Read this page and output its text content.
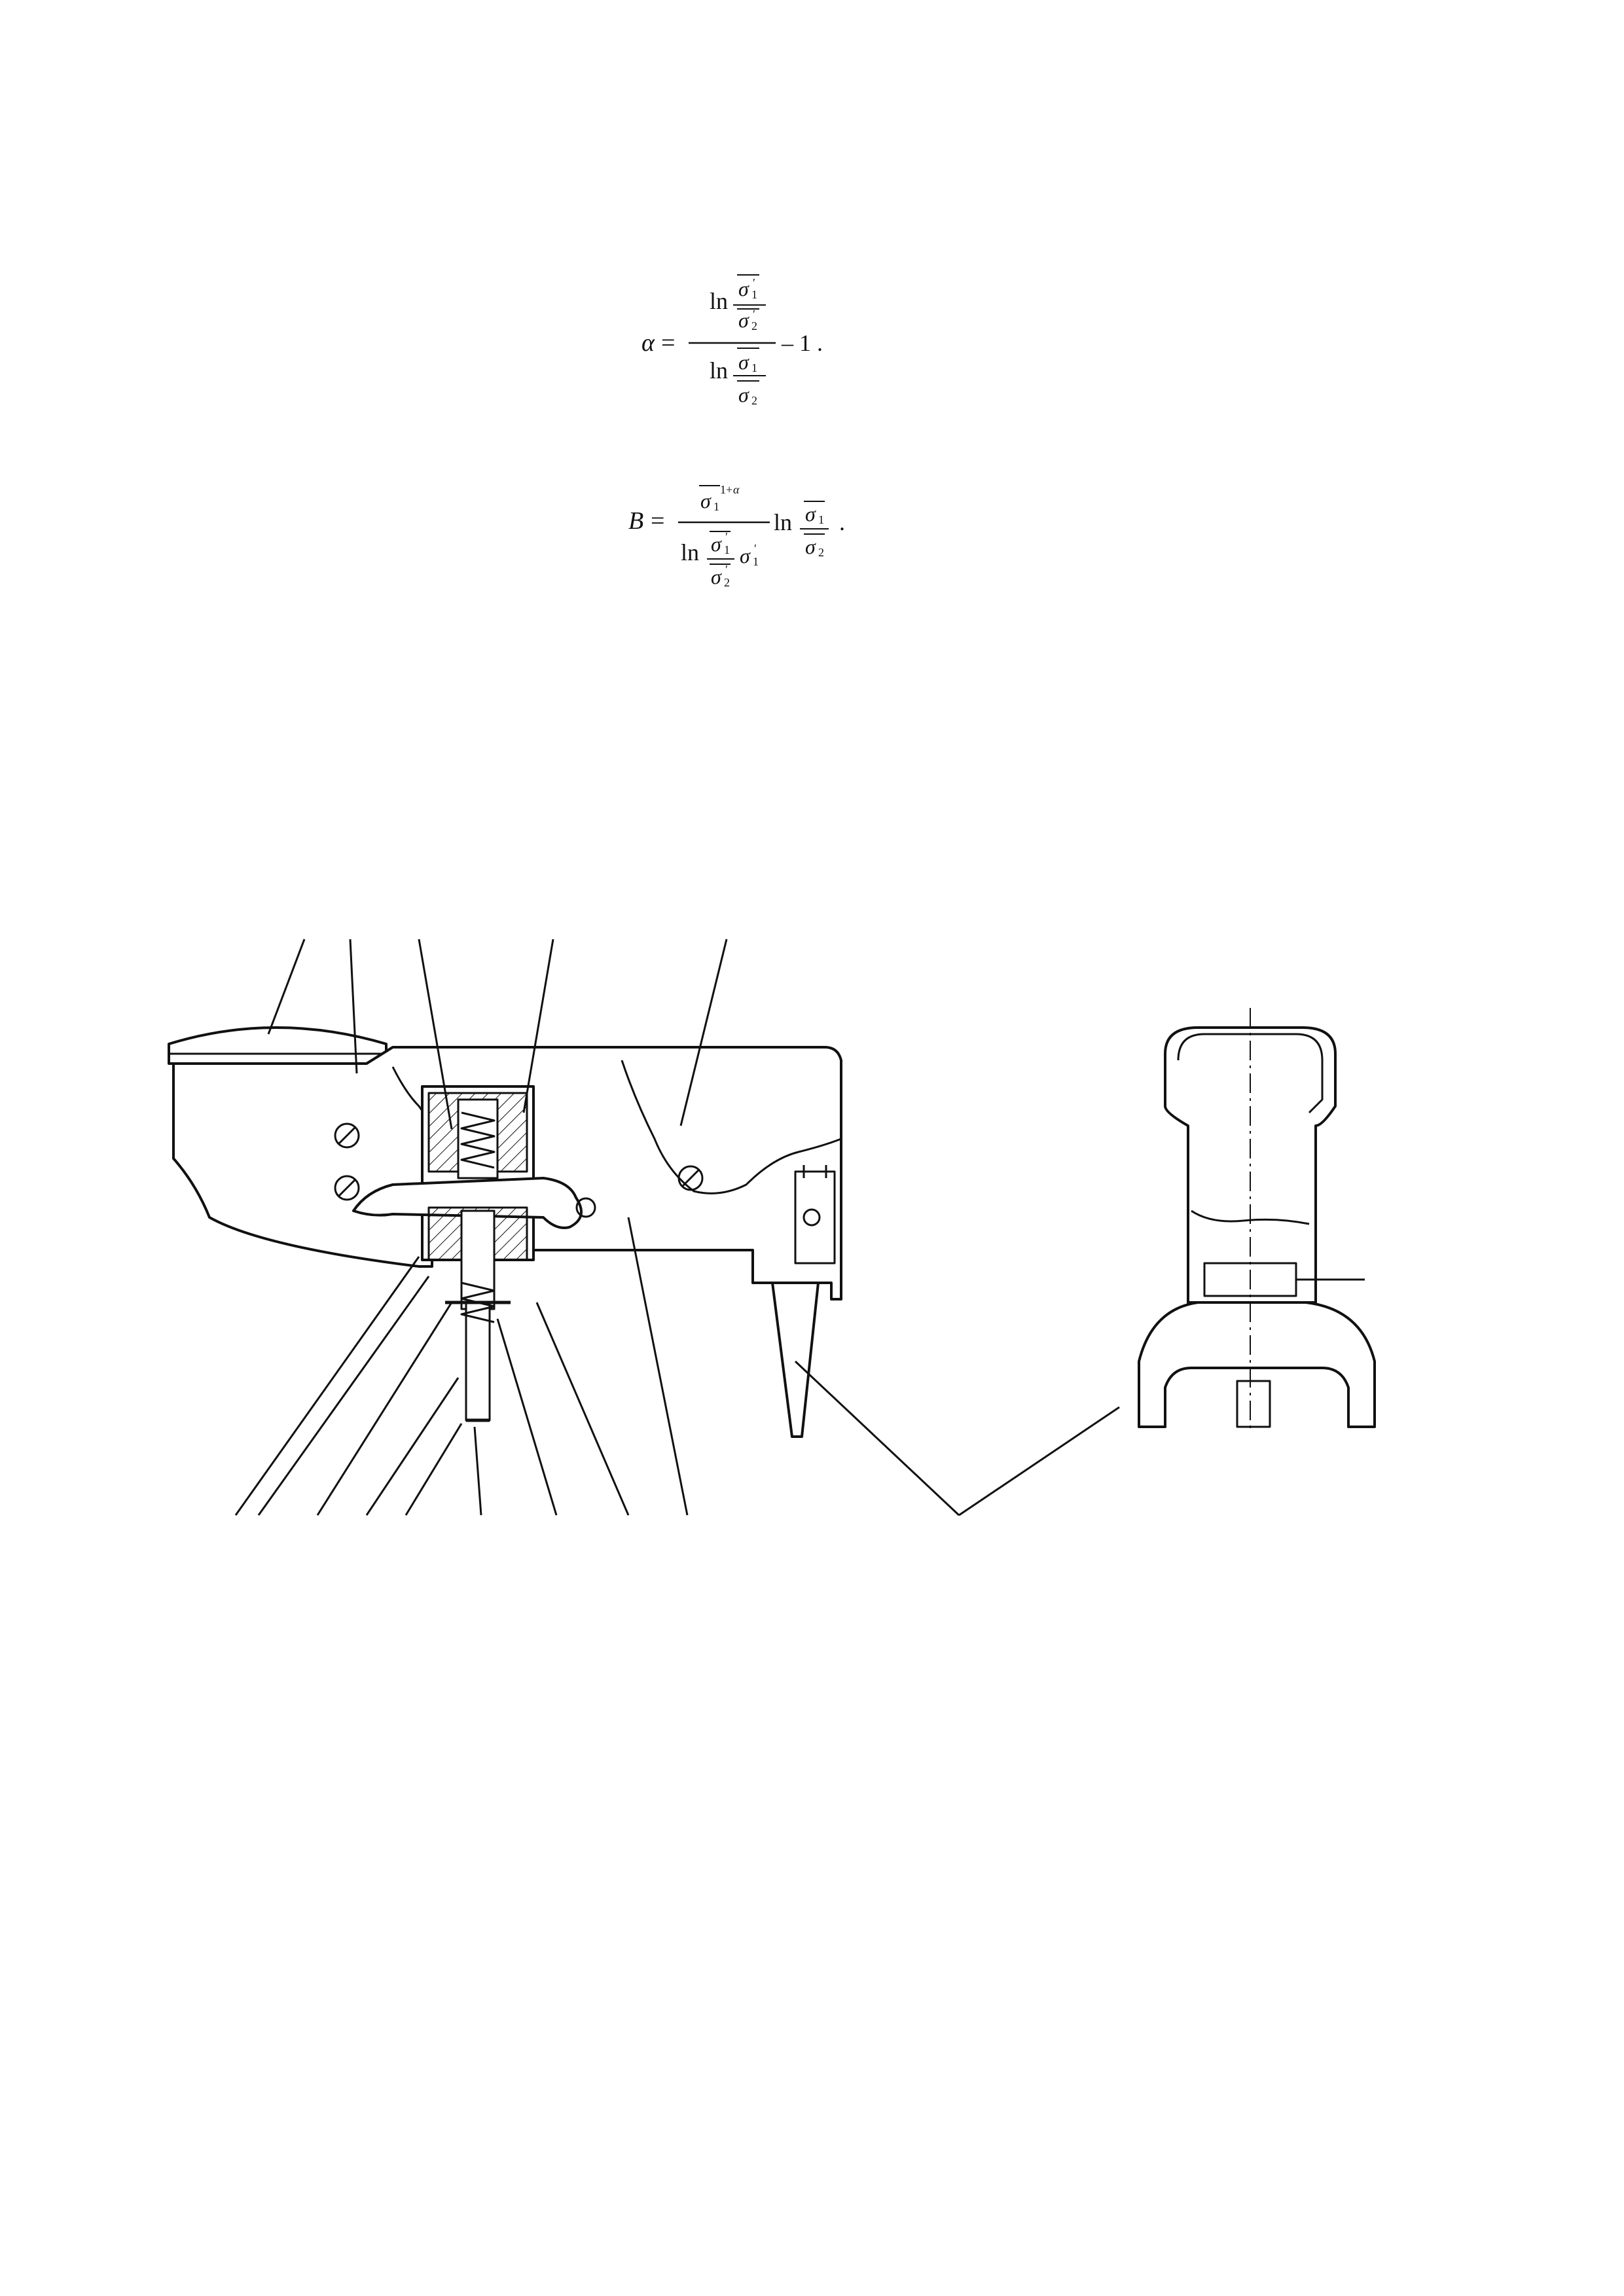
α =
ln σ 1
′
σ 2
′
ln σ 1
σ 2
– 1 .
B =
σ 1
1+ α
ln σ 1
′
σ 2
′
σ 1
′
ln σ 1
σ 2
.
